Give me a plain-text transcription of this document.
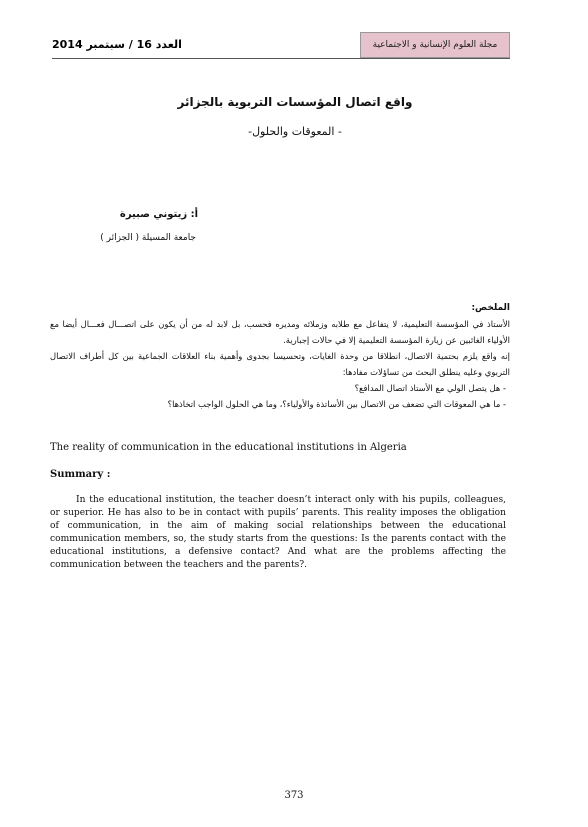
مجلة العلوم الإنسانية و الاجتماعية
العدد 16 / سبتمبر 2014
واقع اتصال المؤسسات التربوية بالجزائر
- المعوقات والحلول-
أ: زيتوني صبيرة
جامعة المسيلة ( الجزائر )
الملخص:

الأستاذ في المؤسسة التعليمية، لا يتفاعل مع طلابه وزملائه ومديره فحسب، بل لابد له من أن يكون على اتصـــال فعـــال أيضا مع الأولياء الغائبين عن زيارة المؤسسة التعليمية إلا في حالات إجبارية.

إنه واقع يلزم بحتمية الاتصال، انطلاقا من وحدة الغايات، وتحسيسا بجدوى وأهمية بناء العلاقات الجماعية بين كل أطراف الاتصال التربوي وعليه ينطلق البحث من تساؤلات مفادها:

- هل يتصل الولي مع الأستاذ اتصال المدافع؟

- ما هي المعوقات التي تضعف من الاتصال بين الأساتذة والأولياء؟، وما هي الحلول الواجب اتخاذها؟

The reality of communication in the educational institutions in Algeria
Summary :

In the educational institution, the teacher doesn’t interact only with his pupils, colleagues, or superior. He has also to be in contact with pupils’ parents. This reality imposes the obligation of communication, in the aim of making social relationships between the educational communication members, so, the study starts from the questions: Is the parents contact with the educational institutions, a defensive contact? And what are the problems affecting the communication between the teachers and the parents?.

373
